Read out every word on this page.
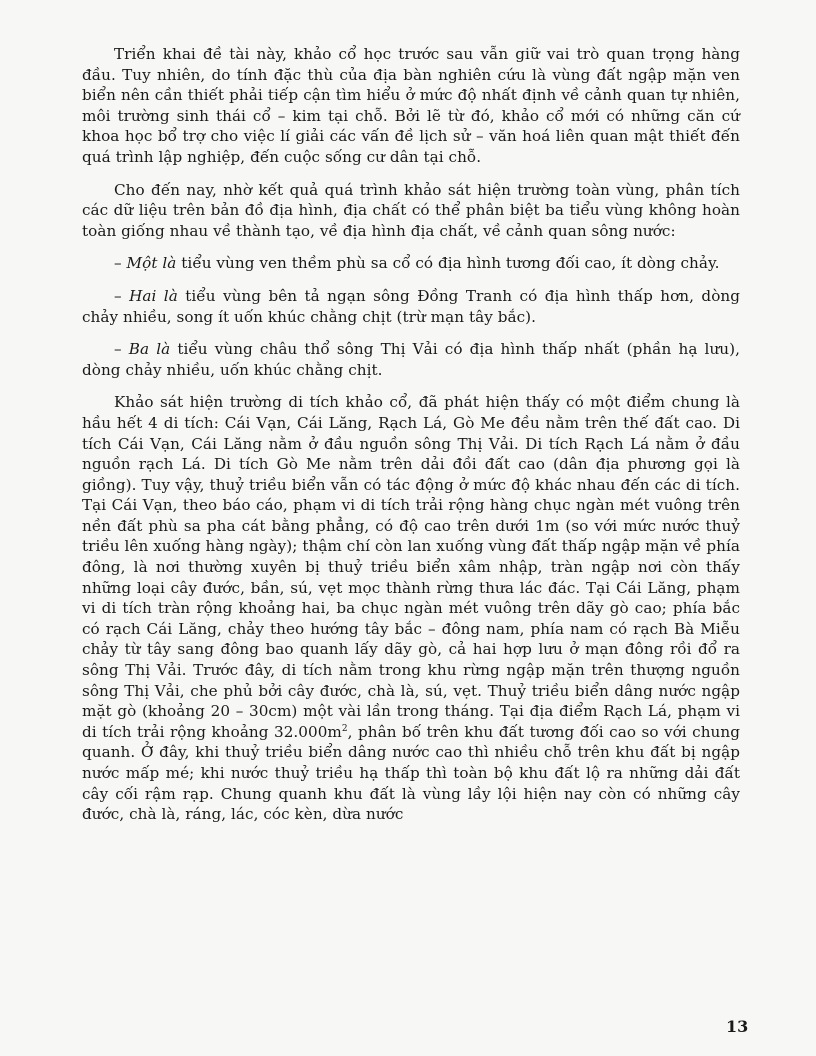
Triển khai đề tài này, khảo cổ học trước sau vẫn giữ vai trò quan trọng hàng đầu. Tuy nhiên, do tính đặc thù của địa bàn nghiên cứu là vùng đất ngập mặn ven biển nên cần thiết phải tiếp cận tìm hiểu ở mức độ nhất định về cảnh quan tự nhiên, môi trường sinh thái cổ – kim tại chỗ. Bởi lẽ từ đó, khảo cổ mới có những căn cứ khoa học bổ trợ cho việc lí giải các vấn đề lịch sử – văn hoá liên quan mật thiết đến quá trình lập nghiệp, đến cuộc sống cư dân tại chỗ.

Cho đến nay, nhờ kết quả quá trình khảo sát hiện trường toàn vùng, phân tích các dữ liệu trên bản đồ địa hình, địa chất có thể phân biệt ba tiểu vùng không hoàn toàn giống nhau về thành tạo, về địa hình địa chất, về cảnh quan sông nước:

– Một là tiểu vùng ven thềm phù sa cổ có địa hình tương đối cao, ít dòng chảy.

– Hai là tiểu vùng bên tả ngạn sông Đồng Tranh có địa hình thấp hơn, dòng chảy nhiều, song ít uốn khúc chằng chịt (trừ mạn tây bắc).

– Ba là tiểu vùng châu thổ sông Thị Vải có địa hình thấp nhất (phần hạ lưu), dòng chảy nhiều, uốn khúc chằng chịt.

Khảo sát hiện trường di tích khảo cổ, đã phát hiện thấy có một điểm chung là hầu hết 4 di tích: Cái Vạn, Cái Lăng, Rạch Lá, Gò Me đều nằm trên thế đất cao. Di tích Cái Vạn, Cái Lăng nằm ở đầu nguồn sông Thị Vải. Di tích Rạch Lá nằm ở đầu nguồn rạch Lá. Di tích Gò Me nằm trên dải đồi đất cao (dân địa phương gọi là giồng). Tuy vậy, thuỷ triều biển vẫn có tác động ở mức độ khác nhau đến các di tích. Tại Cái Vạn, theo báo cáo, phạm vi di tích trải rộng hàng chục ngàn mét vuông trên nền đất phù sa pha cát bằng phẳng, có độ cao trên dưới 1m (so với mức nước thuỷ triều lên xuống hàng ngày); thậm chí còn lan xuống vùng đất thấp ngập mặn về phía đông, là nơi thường xuyên bị thuỷ triều biển xâm nhập, tràn ngập nơi còn thấy những loại cây đước, bần, sú, vẹt mọc thành rừng thưa lác đác. Tại Cái Lăng, phạm vi di tích tràn rộng khoảng hai, ba chục ngàn mét vuông trên dãy gò cao; phía bắc có rạch Cái Lăng, chảy theo hướng tây bắc – đông nam, phía nam có rạch Bà Miễu chảy từ tây sang đông bao quanh lấy dãy gò, cả hai hợp lưu ở mạn đông rồi đổ ra sông Thị Vải. Trước đây, di tích nằm trong khu rừng ngập mặn trên thượng nguồn sông Thị Vải, che phủ bởi cây đước, chà là, sú, vẹt. Thuỷ triều biển dâng nước ngập mặt gò (khoảng 20 – 30cm) một vài lần trong tháng. Tại địa điểm Rạch Lá, phạm vi di tích trải rộng khoảng $32.000m^2$, phân bố trên khu đất tương đối cao so với chung quanh. Ở đây, khi thuỷ triều biển dâng nước cao thì nhiều chỗ trên khu đất bị ngập nước mấp mé; khi nước thuỷ triều hạ thấp thì toàn bộ khu đất lộ ra những dải đất cây cối rậm rạp. Chung quanh khu đất là vùng lầy lội hiện nay còn có những cây đước, chà là, ráng, lác, cóc kèn, dừa nước

13
